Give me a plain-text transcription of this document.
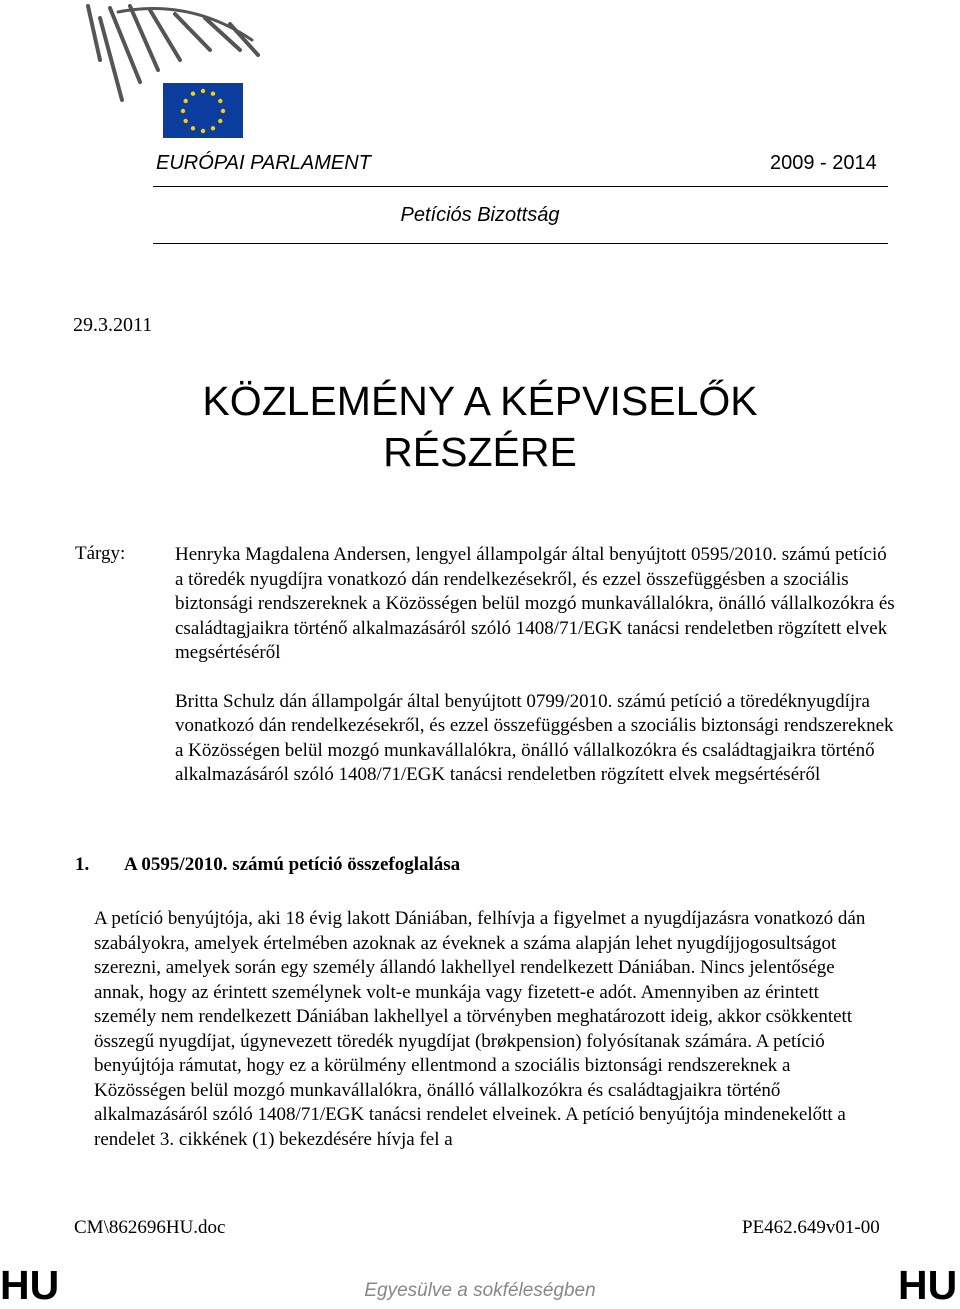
EURÓPAI PARLAMENT	2009 - 2014
Petíciós Bizottság
29.3.2011
KÖZLEMÉNY A KÉPVISELŐK
RÉSZÉRE
Tárgy:	Henryka Magdalena Andersen, lengyel állampolgár által benyújtott 0595/2010. számú petíció a töredék nyugdíjra vonatkozó dán rendelkezésekről, és ezzel összefüggésben a szociális biztonsági rendszereknek a Közösségen belül mozgó munkavállalókra, önálló vállalkozókra és családtagjaikra történő alkalmazásáról szóló 1408/71/EGK tanácsi rendeletben rögzített elvek megsértéséről

Britta Schulz dán állampolgár által benyújtott 0799/2010. számú petíció a töredéknyugdíjra vonatkozó dán rendelkezésekről, és ezzel összefüggésben a szociális biztonsági rendszereknek a Közösségen belül mozgó munkavállalókra, önálló vállalkozókra és családtagjaikra történő alkalmazásáról szóló 1408/71/EGK tanácsi rendeletben rögzített elvek megsértéséről

1. A 0595/2010. számú petíció összefoglalása

A petíció benyújtója, aki 18 évig lakott Dániában, felhívja a figyelmet a nyugdíjazásra vonatkozó dán szabályokra, amelyek értelmében azoknak az éveknek a száma alapján lehet nyugdíjjogosultságot szerezni, amelyek során egy személy állandó lakhellyel rendelkezett Dániában. Nincs jelentősége annak, hogy az érintett személynek volt-e munkája vagy fizetett-e adót. Amennyiben az érintett személy nem rendelkezett Dániában lakhellyel a törvényben meghatározott ideig, akkor csökkentett összegű nyugdíjat, úgynevezett töredék nyugdíjat (brøkpension) folyósítanak számára. A petíció benyújtója rámutat, hogy ez a körülmény ellentmond a szociális biztonsági rendszereknek a Közösségen belül mozgó munkavállalókra, önálló vállalkozókra és családtagjaikra történő alkalmazásáról szóló 1408/71/EGK tanácsi rendelet elveinek. A petíció benyújtója mindenekelőtt a rendelet 3. cikkének (1) bekezdésére hívja fel a

CM\862696HU.doc	PE462.649v01-00
HU	Egyesülve a sokféleségben	HU
